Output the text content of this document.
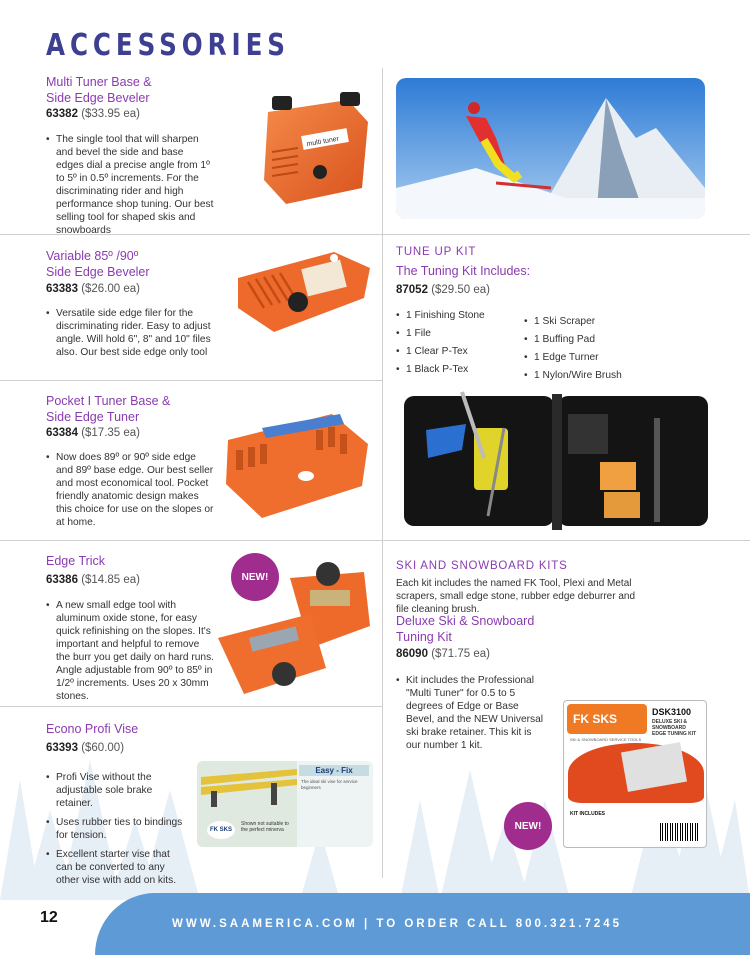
ACCESSORIES
Multi Tuner Base &
Side Edge Beveler
63382 ($33.95 ea)
• The single tool that will sharpen and bevel the side and base edges dial a precise angle from 1º to 5º in 0.5º increments. For the discriminating rider and high performance shop tuning. Our best selling tool for shaped skis and snowboards
multi tuner
Variable 85º /90º
Side Edge Beveler
63383 ($26.00 ea)
• Versatile side edge filer for the discriminating rider. Easy to adjust angle. Will hold 6", 8" and 10" files also. Our best side edge only tool
TUNE UP KIT
The Tuning Kit Includes:
87052 ($29.50 ea)
• 1 Finishing Stone
• 1 File
• 1 Clear P-Tex
• 1 Black P-Tex
• 1 Ski Scraper
• 1 Buffing Pad
• 1 Edge Turner
• 1 Nylon/Wire Brush
Pocket I Tuner Base &
Side Edge Tuner
63384 ($17.35 ea)
• Now does 89º or 90º side edge and 89º base edge. Our best seller and most economical tool. Pocket friendly anatomic design makes this choice for use on the slopes or at home.
Edge Trick
63386 ($14.85 ea)
• A new small edge tool with aluminum oxide stone, for easy quick refinishing on the slopes. It's important and helpful to remove the burr you get daily on hard runs. Angle adjustable from 90º to 85º in 1/2º increments. Uses 20 x 30mm stones.
NEW!
Econo Profi Vise
63393 ($60.00)
• Profi Vise without the adjustable sole brake retainer.
• Uses rubber ties to bindings for tension.
• Excellent starter vise that can be converted to any other vise with add on kits.
FK SKS
Shown not suitable to the perfect minerva
Easy - Fix
The ideal ski vise for service beginners
SKI AND SNOWBOARD KITS
Each kit includes the named FK Tool, Plexi and Metal scrapers, small edge stone, rubber edge deburrer and file cleaning brush.
Deluxe Ski & Snowboard
Tuning Kit
86090 ($71.75 ea)
• Kit includes the Professional "Multi Tuner" for 0.5 to 5 degrees of Edge or Base Bevel, and the NEW Universal ski brake retainer. This kit is our number 1 kit.
NEW!
FK SKS	DSK3100
DELUXE SKI &
SNOWBOARD
EDGE TUNING KIT
SKI & SNOWBOARD SERVICE TOOLS
KIT INCLUDES
12	WWW.SAAMERICA.COM | TO ORDER CALL 800.321.7245
